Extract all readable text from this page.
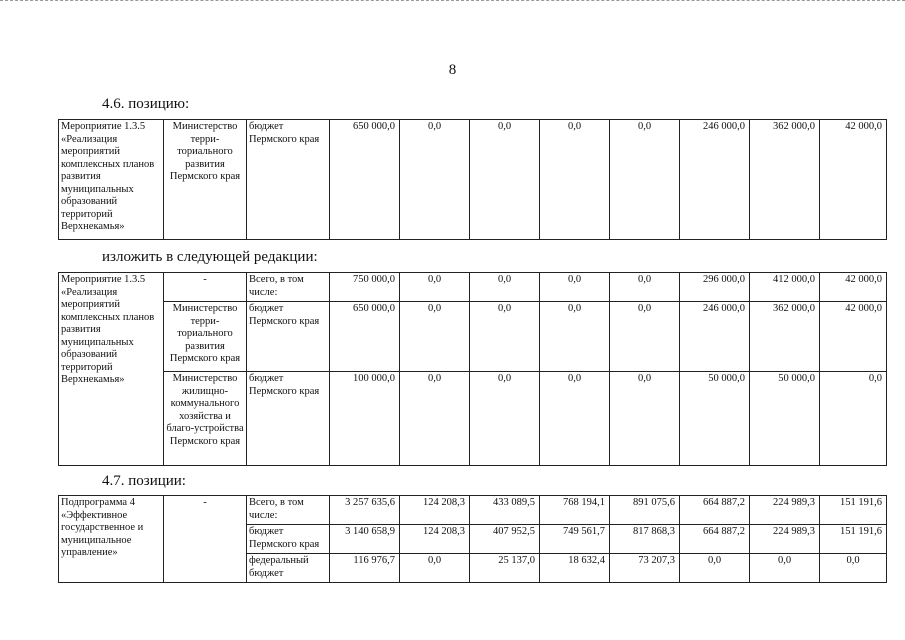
8
4.6. позицию:
Мероприятие 1.3.5 «Реализация мероприятий комплексных планов развития муниципальных образований территорий Верхнекамья»	Министерство терри-ториального развития Пермского края	бюджет Пермского края	650 000,0	0,0	0,0	0,0	0,0	246 000,0	362 000,0	42 000,0
изложить в следующей редакции:
Мероприятие 1.3.5 «Реализация мероприятий комплексных планов развития муниципальных образований территорий Верхнекамья»	-	Всего, в том числе:	750 000,0	0,0	0,0	0,0	0,0	296 000,0	412 000,0	42 000,0
	Министерство терри-ториального развития Пермского края	бюджет Пермского края	650 000,0	0,0	0,0	0,0	0,0	246 000,0	362 000,0	42 000,0
	Министерство жилищно-коммунального хозяйства и благо-устройства Пермского края	бюджет Пермского края	100 000,0	0,0	0,0	0,0	0,0	50 000,0	50 000,0	0,0
4.7. позиции:
Подпрограмма 4 «Эффективное государственное и муниципальное управление»	-	Всего, в том числе:	3 257 635,6	124 208,3	433 089,5	768 194,1	891 075,6	664 887,2	224 989,3	151 191,6
		бюджет Пермского края	3 140 658,9	124 208,3	407 952,5	749 561,7	817 868,3	664 887,2	224 989,3	151 191,6
		федеральный бюджет	116 976,7	0,0	25 137,0	18 632,4	73 207,3	0,0	0,0	0,0
